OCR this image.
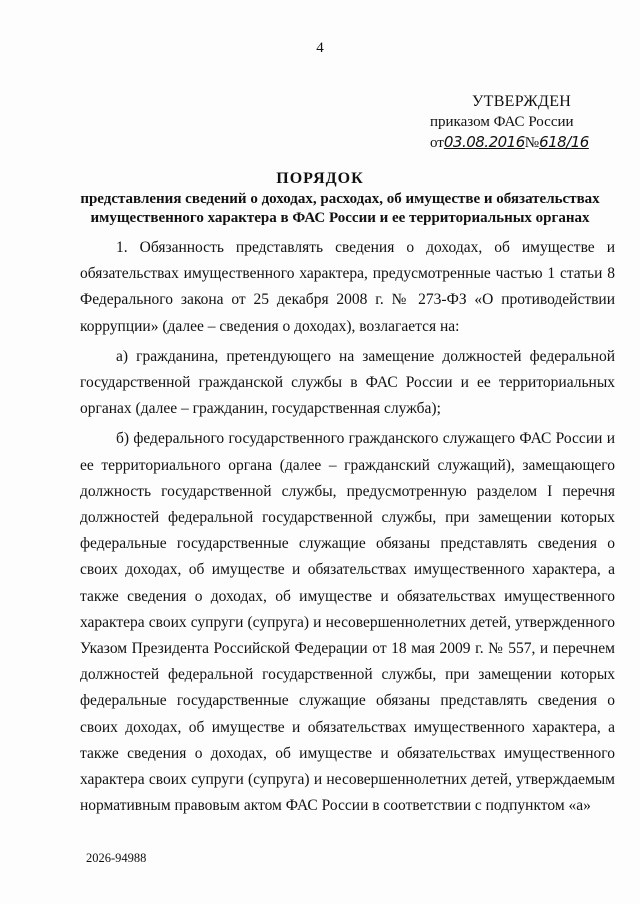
4
УТВЕРЖДЕН
приказом ФАС России
от03.08.2016№618/16
ПОРЯДОК
представления сведений о доходах, расходах, об имуществе и обязательствах имущественного характера в ФАС России и ее территориальных органах

1. Обязанность представлять сведения о доходах, об имуществе и обязательствах имущественного характера, предусмотренные частью 1 статьи 8 Федерального закона от 25 декабря 2008 г. № 273-ФЗ «О противодействии коррупции» (далее – сведения о доходах), возлагается на:

а) гражданина, претендующего на замещение должностей федеральной государственной гражданской службы в ФАС России и ее территориальных органах (далее – гражданин, государственная служба);

б) федерального государственного гражданского служащего ФАС России и ее территориального органа (далее – гражданский служащий), замещающего должность государственной службы, предусмотренную разделом I перечня должностей федеральной государственной службы, при замещении которых федеральные государственные служащие обязаны представлять сведения о своих доходах, об имуществе и обязательствах имущественного характера, а также сведения о доходах, об имуществе и обязательствах имущественного характера своих супруги (супруга) и несовершеннолетних детей, утвержденного Указом Президента Российской Федерации от 18 мая 2009 г. № 557, и перечнем должностей федеральной государственной службы, при замещении которых федеральные государственные служащие обязаны представлять сведения о своих доходах, об имуществе и обязательствах имущественного характера, а также сведения о доходах, об имуществе и обязательствах имущественного характера своих супруги (супруга) и несовершеннолетних детей, утверждаемым нормативным правовым актом ФАС России в соответствии с подпунктом «а»

2026-94988
